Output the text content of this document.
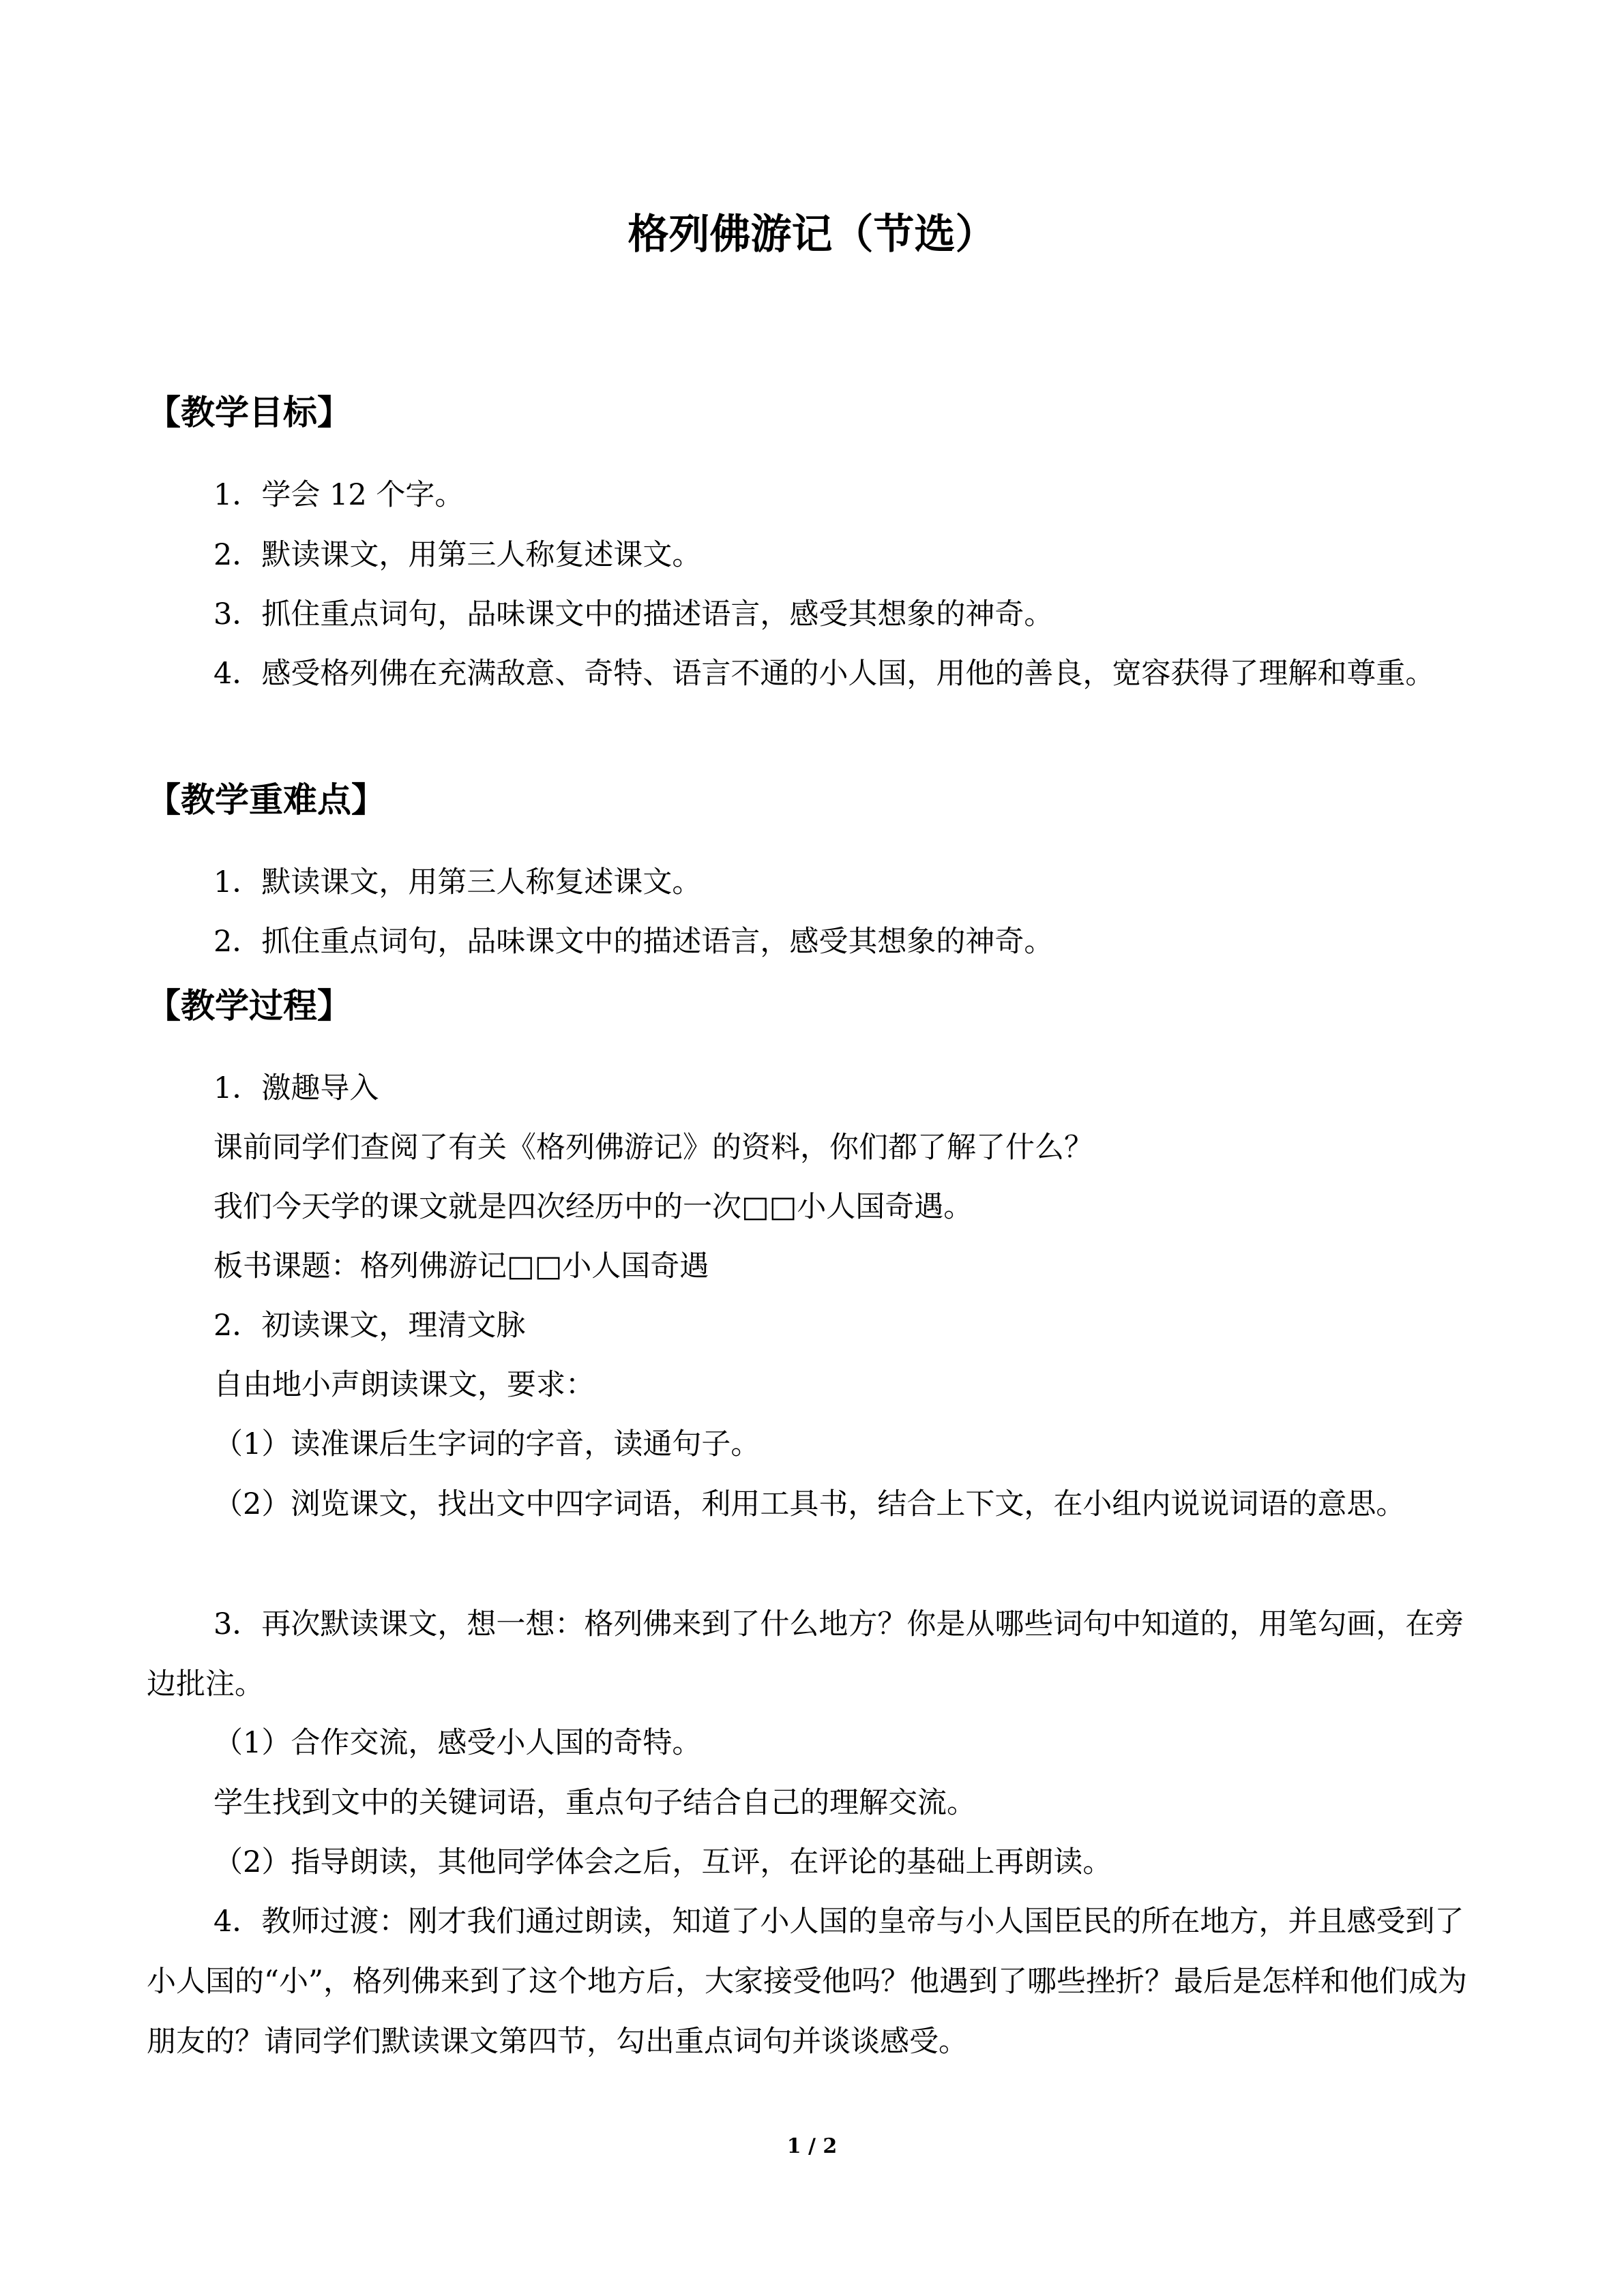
格列佛游记（节选）
【教学目标】

1．学会 12 个字。

2．默读课文，用第三人称复述课文。

3．抓住重点词句，品味课文中的描述语言，感受其想象的神奇。

4．感受格列佛在充满敌意、奇特、语言不通的小人国，用他的善良，宽容获得了理解和尊重。

【教学重难点】

1．默读课文，用第三人称复述课文。

2．抓住重点词句，品味课文中的描述语言，感受其想象的神奇。

【教学过程】

1．激趣导入

课前同学们查阅了有关《格列佛游记》的资料，你们都了解了什么？

我们今天学的课文就是四次经历中的一次□□小人国奇遇。

板书课题：格列佛游记□□小人国奇遇

2．初读课文，理清文脉

自由地小声朗读课文，要求：

（1）读准课后生字词的字音，读通句子。

（2）浏览课文，找出文中四字词语，利用工具书，结合上下文，在小组内说说词语的意思。

3．再次默读课文，想一想：格列佛来到了什么地方？你是从哪些词句中知道的，用笔勾画，在旁边批注。

（1）合作交流，感受小人国的奇特。

学生找到文中的关键词语，重点句子结合自己的理解交流。

（2）指导朗读，其他同学体会之后，互评，在评论的基础上再朗读。

4．教师过渡：刚才我们通过朗读，知道了小人国的皇帝与小人国臣民的所在地方，并且感受到了小人国的“小”，格列佛来到了这个地方后，大家接受他吗？他遇到了哪些挫折？最后是怎样和他们成为朋友的？请同学们默读课文第四节，勾出重点词句并谈谈感受。

1 / 2
